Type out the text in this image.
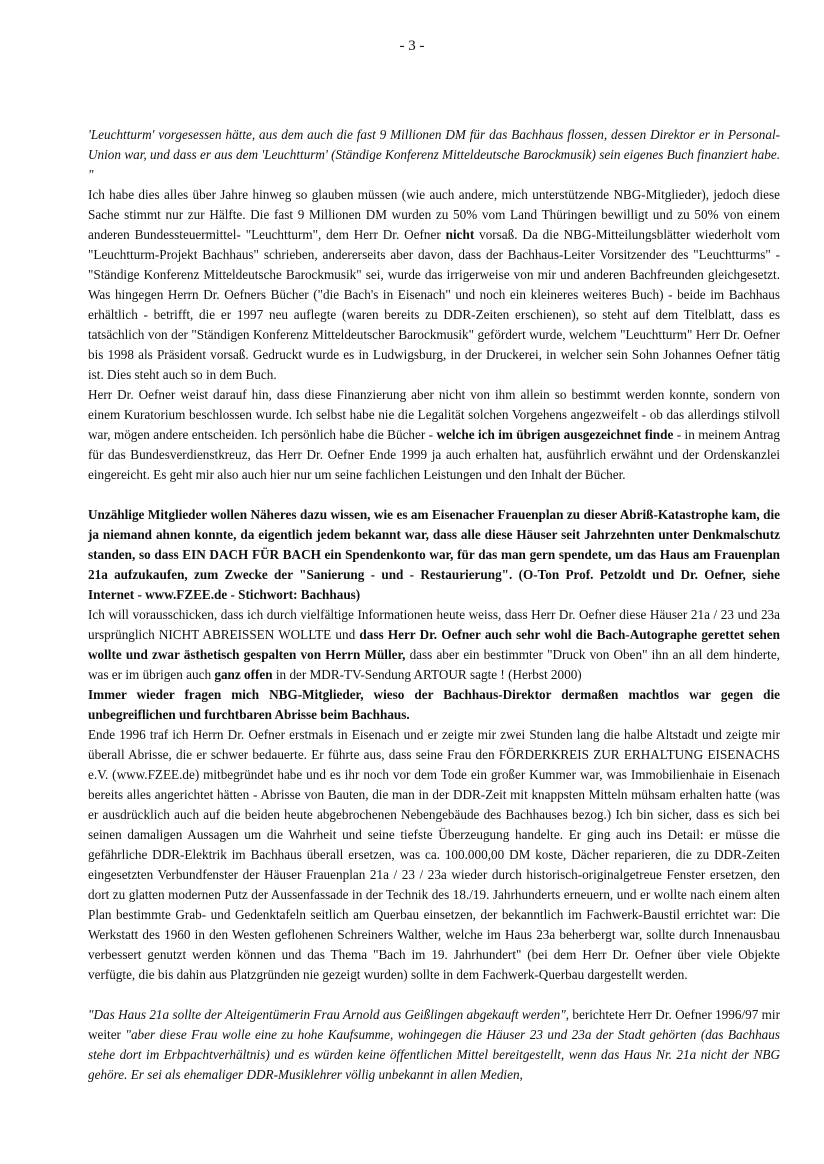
- 3 -

'Leuchtturm' vorgesessen hätte, aus dem auch die fast 9 Millionen DM für das Bachhaus flossen, dessen Direktor er in Personal-Union war, und dass er aus dem 'Leuchtturm' (Ständige Konferenz Mitteldeutsche Barockmusik) sein eigenes Buch finanziert habe. "

Ich habe dies alles über Jahre hinweg so glauben müssen (wie auch andere, mich unterstützende NBG-Mitglieder), jedoch diese Sache stimmt nur zur Hälfte. Die fast 9 Millionen DM wurden zu 50% vom Land Thüringen bewilligt und zu 50% von einem anderen Bundessteuermittel- "Leuchtturm", dem Herr Dr. Oefner nicht vorsaß. Da die NBG-Mitteilungsblätter wiederholt vom "Leuchtturm-Projekt Bachhaus" schrieben, andererseits aber davon, dass der Bachhaus-Leiter Vorsitzender des "Leuchtturms" - "Ständige Konferenz Mitteldeutsche Barockmusik" sei, wurde das irrigerweise von mir und anderen Bachfreunden gleichgesetzt. Was hingegen Herrn Dr. Oefners Bücher ("die Bach's in Eisenach" und noch ein kleineres weiteres Buch) - beide im Bachhaus erhältlich - betrifft, die er 1997 neu auflegte (waren bereits zu DDR-Zeiten erschienen), so steht auf dem Titelblatt, dass es tatsächlich von der "Ständigen Konferenz Mitteldeutscher Barockmusik" gefördert wurde, welchem "Leuchtturm" Herr Dr. Oefner bis 1998 als Präsident vorsaß. Gedruckt wurde es in Ludwigsburg, in der Druckerei, in welcher sein Sohn Johannes Oefner tätig ist. Dies steht auch so in dem Buch.

Herr Dr. Oefner weist darauf hin, dass diese Finanzierung aber nicht von ihm allein so bestimmt werden konnte, sondern von einem Kuratorium beschlossen wurde. Ich selbst habe nie die Legalität solchen Vorgehens angezweifelt - ob das allerdings stilvoll war, mögen andere entscheiden. Ich persönlich habe die Bücher - welche ich im übrigen ausgezeichnet finde - in meinem Antrag für das Bundesverdienstkreuz, das Herr Dr. Oefner Ende 1999 ja auch erhalten hat, ausführlich erwähnt und der Ordenskanzlei eingereicht. Es geht mir also auch hier nur um seine fachlichen Leistungen und den Inhalt der Bücher.

Unzählige Mitglieder wollen Näheres dazu wissen, wie es am Eisenacher Frauenplan zu dieser Abriß-Katastrophe kam, die ja niemand ahnen konnte, da eigentlich jedem bekannt war, dass alle diese Häuser seit Jahrzehnten unter Denkmalschutz standen, so dass EIN DACH FÜR BACH ein Spendenkonto war, für das man gern spendete, um das Haus am Frauenplan 21a aufzukaufen, zum Zwecke der "Sanierung - und - Restaurierung". (O-Ton Prof. Petzoldt und Dr. Oefner, siehe Internet - www.FZEE.de - Stichwort: Bachhaus)

Ich will vorausschicken, dass ich durch vielfältige Informationen heute weiss, dass Herr Dr. Oefner diese Häuser 21a / 23 und 23a ursprünglich NICHT ABREISSEN WOLLTE und dass Herr Dr. Oefner auch sehr wohl die Bach-Autographe gerettet sehen wollte und zwar ästhetisch gespalten von Herrn Müller, dass aber ein bestimmter "Druck von Oben" ihn an all dem hinderte, was er im übrigen auch ganz offen in der MDR-TV-Sendung ARTOUR sagte ! (Herbst 2000)

Immer wieder fragen mich NBG-Mitglieder, wieso der Bachhaus-Direktor dermaßen machtlos war gegen die unbegreiflichen und furchtbaren Abrisse beim Bachhaus.

Ende 1996 traf ich Herrn Dr. Oefner erstmals in Eisenach und er zeigte mir zwei Stunden lang die halbe Altstadt und zeigte mir überall Abrisse, die er schwer bedauerte. Er führte aus, dass seine Frau den FÖRDERKREIS ZUR ERHALTUNG EISENACHS e.V. (www.FZEE.de) mitbegründet habe und es ihr noch vor dem Tode ein großer Kummer war, was Immobilienhaie in Eisenach bereits alles angerichtet hätten - Abrisse von Bauten, die man in der DDR-Zeit mit knappsten Mitteln mühsam erhalten hatte (was er ausdrücklich auch auf die beiden heute abgebrochenen Nebengebäude des Bachhauses bezog.) Ich bin sicher, dass es sich bei seinen damaligen Aussagen um die Wahrheit und seine tiefste Überzeugung handelte. Er ging auch ins Detail: er müsse die gefährliche DDR-Elektrik im Bachhaus überall ersetzen, was ca. 100.000,00 DM koste, Dächer reparieren, die zu DDR-Zeiten eingesetzten Verbundfenster der Häuser Frauenplan 21a / 23 / 23a wieder durch historisch-originalgetreue Fenster ersetzen, den dort zu glatten modernen Putz der Aussenfassade in der Technik des 18./19. Jahrhunderts erneuern, und er wollte nach einem alten Plan bestimmte Grab- und Gedenktafeln seitlich am Querbau einsetzen, der bekanntlich im Fachwerk-Baustil errichtet war: Die Werkstatt des 1960 in den Westen geflohenen Schreiners Walther, welche im Haus 23a beherbergt war, sollte durch Innenausbau verbessert genutzt werden können und das Thema "Bach im 19. Jahrhundert" (bei dem Herr Dr. Oefner über viele Objekte verfügte, die bis dahin aus Platzgründen nie gezeigt wurden) sollte in dem Fachwerk-Querbau dargestellt werden.

"Das Haus 21a sollte der Alteigentümerin Frau Arnold aus Geißlingen abgekauft werden", berichtete Herr Dr. Oefner 1996/97 mir weiter "aber diese Frau wolle eine zu hohe Kaufsumme, wohingegen die Häuser 23 und 23a der Stadt gehörten (das Bachhaus stehe dort im Erbpachtverhältnis) und es würden keine öffentlichen Mittel bereitgestellt, wenn das Haus Nr. 21a nicht der NBG gehöre. Er sei als ehemaliger DDR-Musiklehrer völlig unbekannt in allen Medien,
